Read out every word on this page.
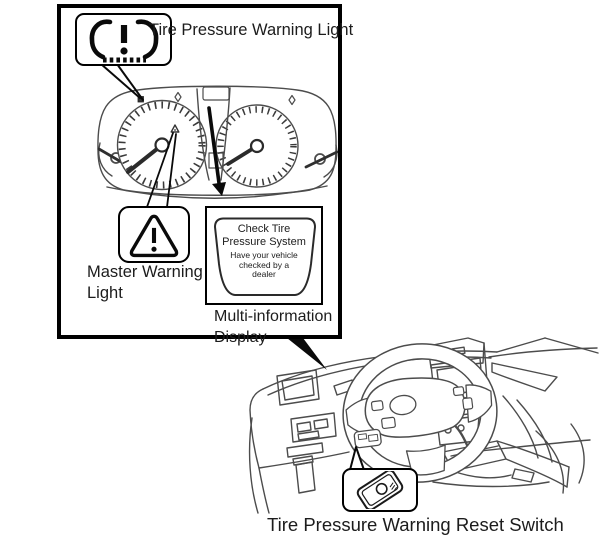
Tire Pressure Warning Light
Master Warning
Light
Check Tire
Pressure System
Have your vehicle
checked by a
dealer
Multi-information
Display
Tire Pressure Warning Reset Switch
